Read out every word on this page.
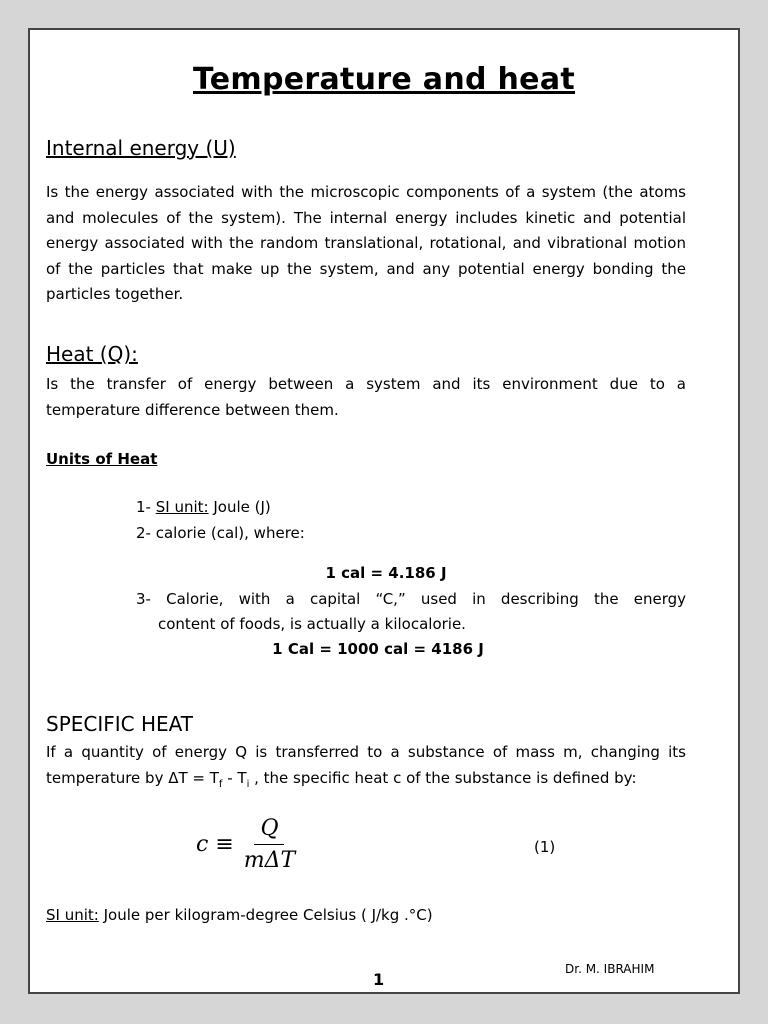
Temperature and heat
Internal energy (U)
Is the energy associated with the microscopic components of a system (the atoms and molecules of the system). The internal energy includes kinetic and potential energy associated with the random translational, rotational, and vibrational motion of the particles that make up the system, and any potential energy bonding the particles together.
Heat (Q):
Is the transfer of energy between a system and its environment due to a temperature difference between them.
Units of Heat
1- SI unit: Joule (J)
2- calorie (cal), where:
1 cal = 4.186 J
3- Calorie, with a capital “C,” used in describing the energy
content of foods, is actually a kilocalorie.
1 Cal = 1000 cal = 4186 J
SPECIFIC HEAT
If a quantity of energy Q is transferred to a substance of mass m, changing its temperature by $\Delta T = T_f - T_i$ , the specific heat c of the substance is defined by:
$c \equiv \frac{Q}{\text{mΔT}}$	(1)
SI unit: Joule per kilogram-degree Celsius ( J/kg .°C)
Dr. M. IBRAHIM
1
